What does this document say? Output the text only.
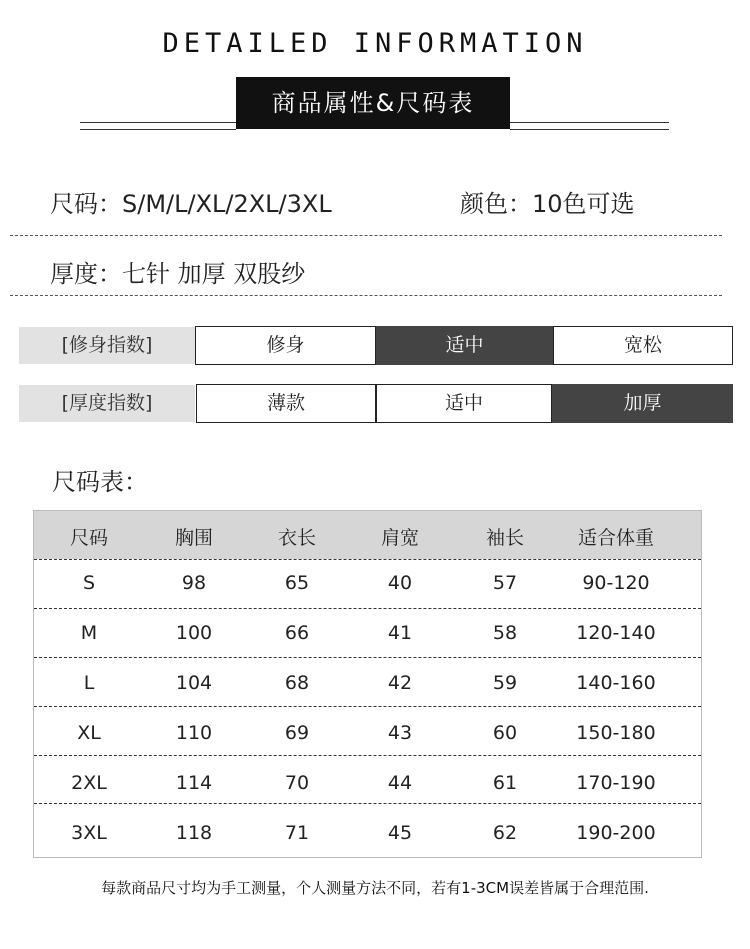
DETAILED INFORMATION
商品属性&尺码表
尺码：S/M/L/XL/2XL/3XL	颜色：10色可选
厚度：七针 加厚 双股纱
[修身指数]	修身	适中	宽松
[厚度指数]	薄款	适中	加厚
尺码表：
尺码	胸围	衣长	肩宽	袖长	适合体重
S	98	65	40	57	90-120
M	100	66	41	58	120-140
L	104	68	42	59	140-160
XL	110	69	43	60	150-180
2XL	114	70	44	61	170-190
3XL	118	71	45	62	190-200
每款商品尺寸均为手工测量，个人测量方法不同，若有1-3CM误差皆属于合理范围.
